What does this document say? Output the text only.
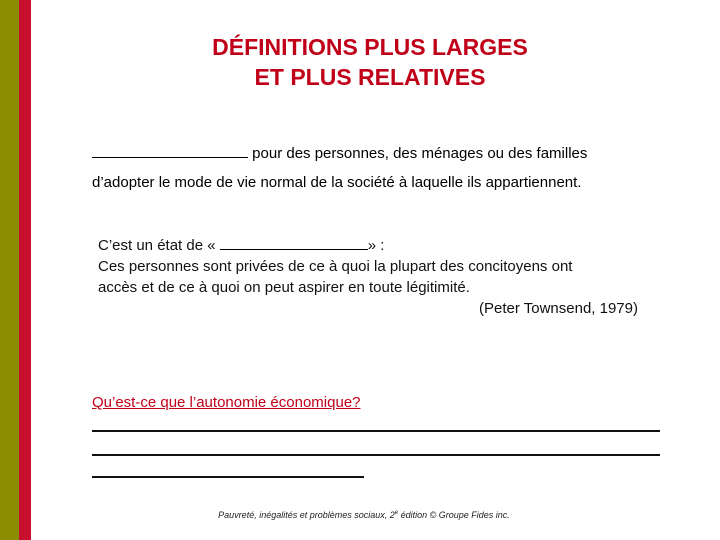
DÉFINITIONS PLUS LARGES
ET PLUS RELATIVES
pour des personnes, des ménages ou des familles
d’adopter le mode de vie normal de la société à laquelle ils appartiennent.
C’est un état de «	» :
Ces personnes sont privées de ce à quoi la plupart des concitoyens ont
accès et de ce à quoi on peut aspirer en toute légitimité.
(Peter Townsend, 1979)
Qu’est-ce que l’autonomie économique?
Pauvreté, inégalités et problèmes sociaux, 2e édition © Groupe Fides inc.
